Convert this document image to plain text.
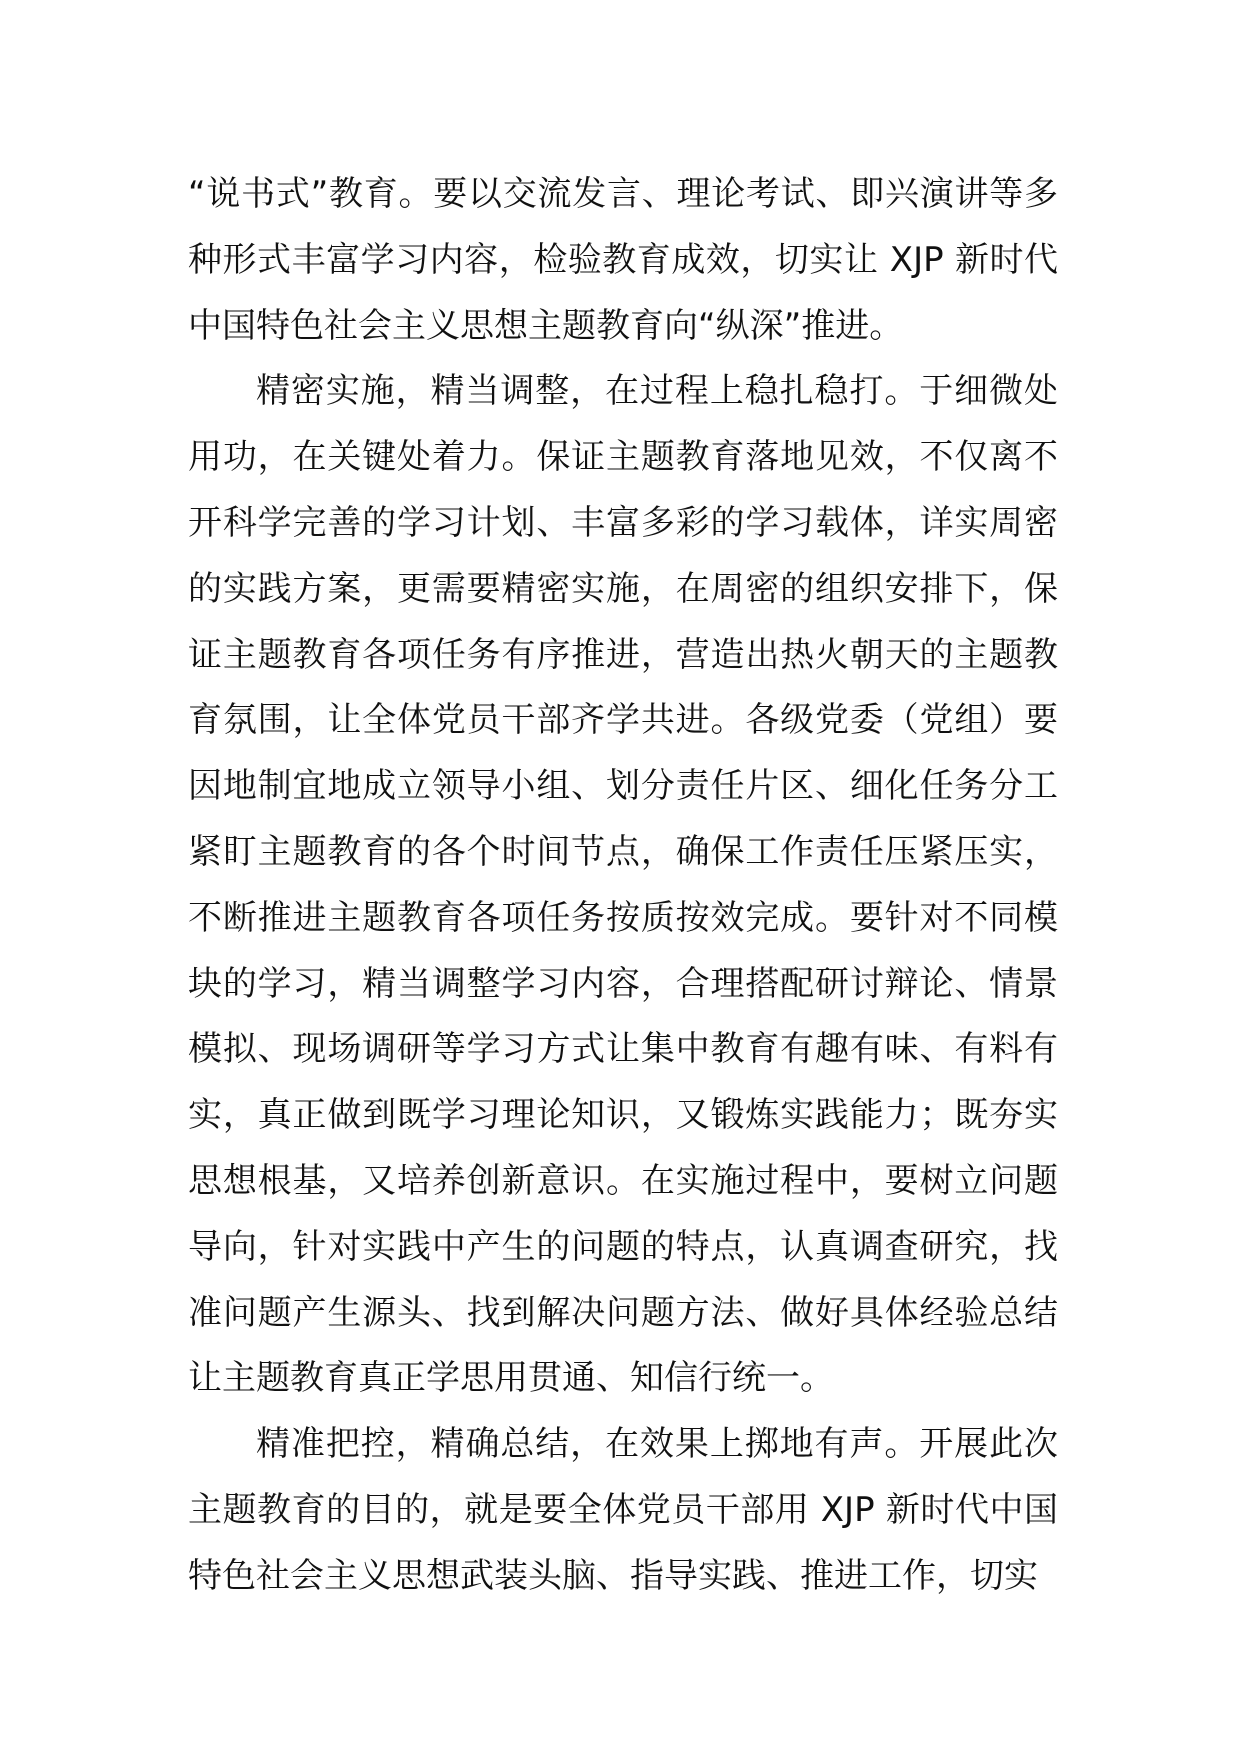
“说书式”教育。要以交流发言、理论考试、即兴演讲等多种形式丰富学习内容，检验教育成效，切实让 XJP 新时代中国特色社会主义思想主题教育向“纵深”推进。

精密实施，精当调整，在过程上稳扎稳打。于细微处用功，在关键处着力。保证主题教育落地见效，不仅离不开科学完善的学习计划、丰富多彩的学习载体，详实周密的实践方案，更需要精密实施，在周密的组织安排下，保证主题教育各项任务有序推进，营造出热火朝天的主题教育氛围，让全体党员干部齐学共进。各级党委（党组）要因地制宜地成立领导小组、划分责任片区、细化任务分工紧盯主题教育的各个时间节点，确保工作责任压紧压实，不断推进主题教育各项任务按质按效完成。要针对不同模块的学习，精当调整学习内容，合理搭配研讨辩论、情景模拟、现场调研等学习方式让集中教育有趣有味、有料有实，真正做到既学习理论知识，又锻炼实践能力；既夯实思想根基，又培养创新意识。在实施过程中，要树立问题导向，针对实践中产生的问题的特点，认真调查研究，找准问题产生源头、找到解决问题方法、做好具体经验总结让主题教育真正学思用贯通、知信行统一。

精准把控，精确总结，在效果上掷地有声。开展此次主题教育的目的，就是要全体党员干部用 XJP 新时代中国特色社会主义思想武装头脑、指导实践、推进工作，切实
